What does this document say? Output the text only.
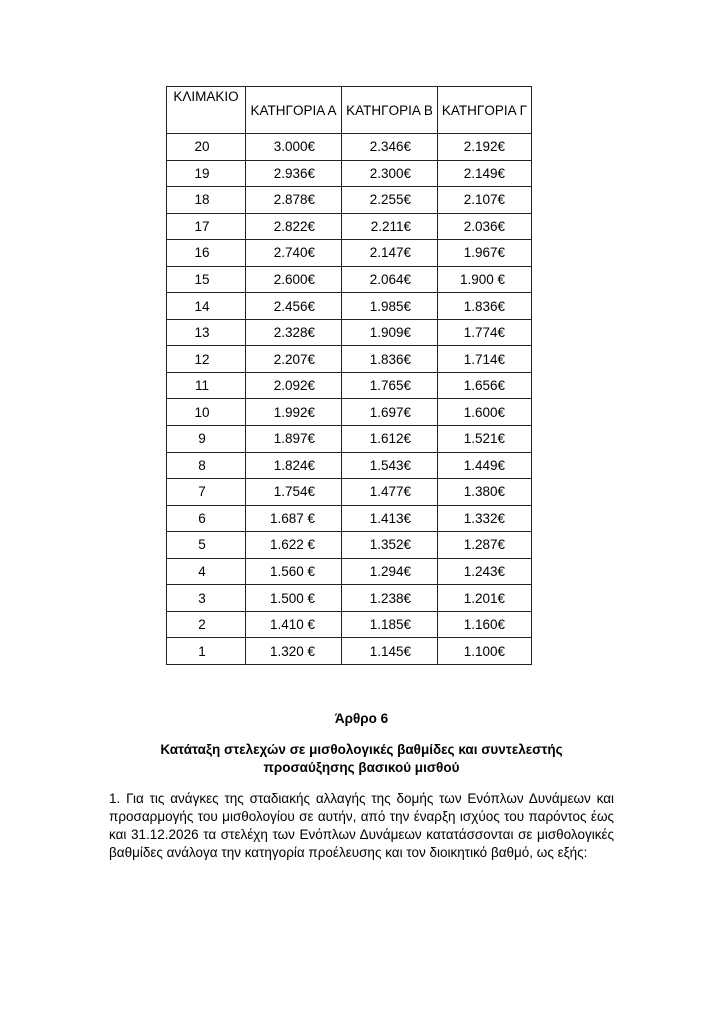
ΚΛΙΜΑΚΙΟ	ΚΑΤΗΓΟΡΙΑ Α	ΚΑΤΗΓΟΡΙΑ Β	ΚΑΤΗΓΟΡΙΑ Γ
20	3.000€	2.346€	2.192€
19	2.936€	2.300€	2.149€
18	2.878€	2.255€	2.107€
17	2.822€	2.211€	2.036€
16	2.740€	2.147€	1.967€
15	2.600€	2.064€	1.900 €
14	2.456€	1.985€	1.836€
13	2.328€	1.909€	1.774€
12	2.207€	1.836€	1.714€
11	2.092€	1.765€	1.656€
10	1.992€	1.697€	1.600€
9	1.897€	1.612€	1.521€
8	1.824€	1.543€	1.449€
7	1.754€	1.477€	1.380€
6	1.687 €	1.413€	1.332€
5	1.622 €	1.352€	1.287€
4	1.560 €	1.294€	1.243€
3	1.500 €	1.238€	1.201€
2	1.410 €	1.185€	1.160€
1	1.320 €	1.145€	1.100€
Άρθρο 6
Κατάταξη στελεχών σε μισθολογικές βαθμίδες και συντελεστής προσαύξησης βασικού μισθού
1. Για τις ανάγκες της σταδιακής αλλαγής της δομής των Ενόπλων Δυνάμεων και προσαρμογής του μισθολογίου σε αυτήν, από την έναρξη ισχύος του παρόντος έως και 31.12.2026 τα στελέχη των Ενόπλων Δυνάμεων κατατάσσονται σε μισθολογικές βαθμίδες ανάλογα την κατηγορία προέλευσης και τον διοικητικό βαθμό, ως εξής:
